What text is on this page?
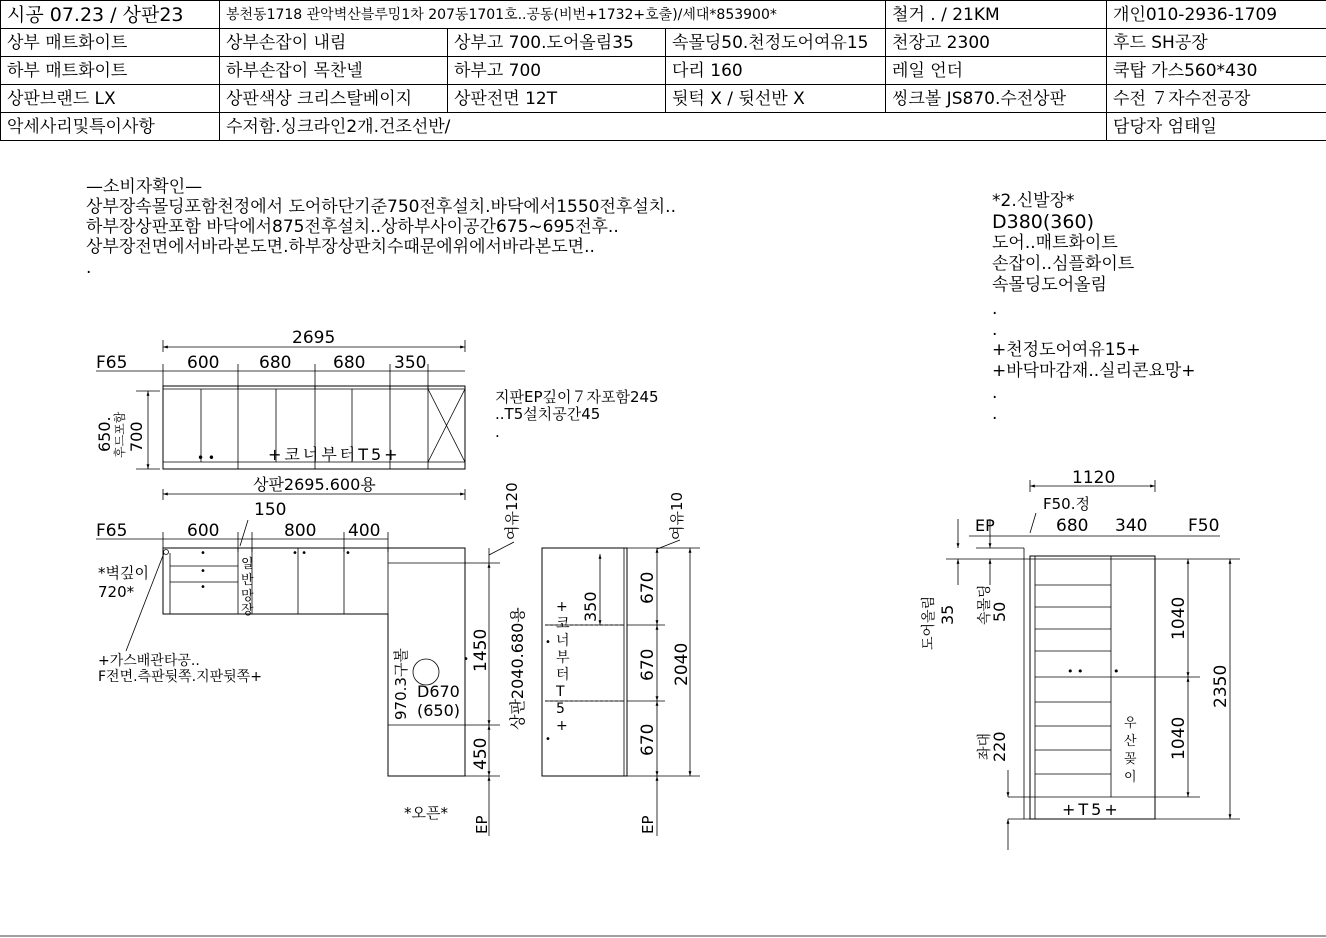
시공 07.23 / 상판23	봉천동1718 관악벽산블루밍1차 207동1701호..공동(비번+1732+호출)/세대*853900*			철거 . / 21KM	개인010-2936-1709
상부 매트화이트	상부손잡이 내림	상부고 700.도어올림35	속몰딩50.천정도어여유15	천장고 2300	후드 SH공장
하부 매트화이트	하부손잡이 목찬넬	하부고 700	다리 160	레일 언더	쿡탑 가스560*430
상판브랜드 LX	상판색상 크리스탈베이지	상판전면 12T	뒷턱 X / 뒷선반 X	씽크볼 JS870.수전상판	수전 ７자수전공장
악세사리및특이사항	수저함.싱크라인2개.건조선반/				담당자 엄태일
—소비자확인—
상부장속몰딩포함천정에서 도어하단기준750전후설치.바닥에서1550전후설치..
하부장상판포함 바닥에서875전후설치..상하부사이공간675~695전후..
상부장전면에서바라본도면.하부장상판치수때문에위에서바라본도면..
.
*2.신발장*
D380(360)
도어..매트화이트
손잡이..심플화이트
속몰딩도어올림
.
.
+천정도어여유15+
+바닥마감재..실리콘요망+
.
.
2695
F65	600 680 680 350
• •	+코너부터T5+
650. 700
후드포함
지판EP깊이７자포함245
..T5설치공간45
.
상판2695.600용
150
F65	600	800 400
•
•
•
• •	•
•
일
반
망
장
*벽깊이
720*
+가스배관타공..
F전면.측판뒷쪽.지판뒷쪽+	970.3구볼 D670
(650)
1450
450
여유120
*오픈*
EP
여유10
상판2040.680용 •
•
+
코
너
부
터
T
5
+
350
670
670
670
2040
EP
1120
F50.정
EP	680 340 F50
• •	•
+T5+
우
산
꽂
이
도어올림 35 속몰딩
50
좌대
220
1040
1040
2350
